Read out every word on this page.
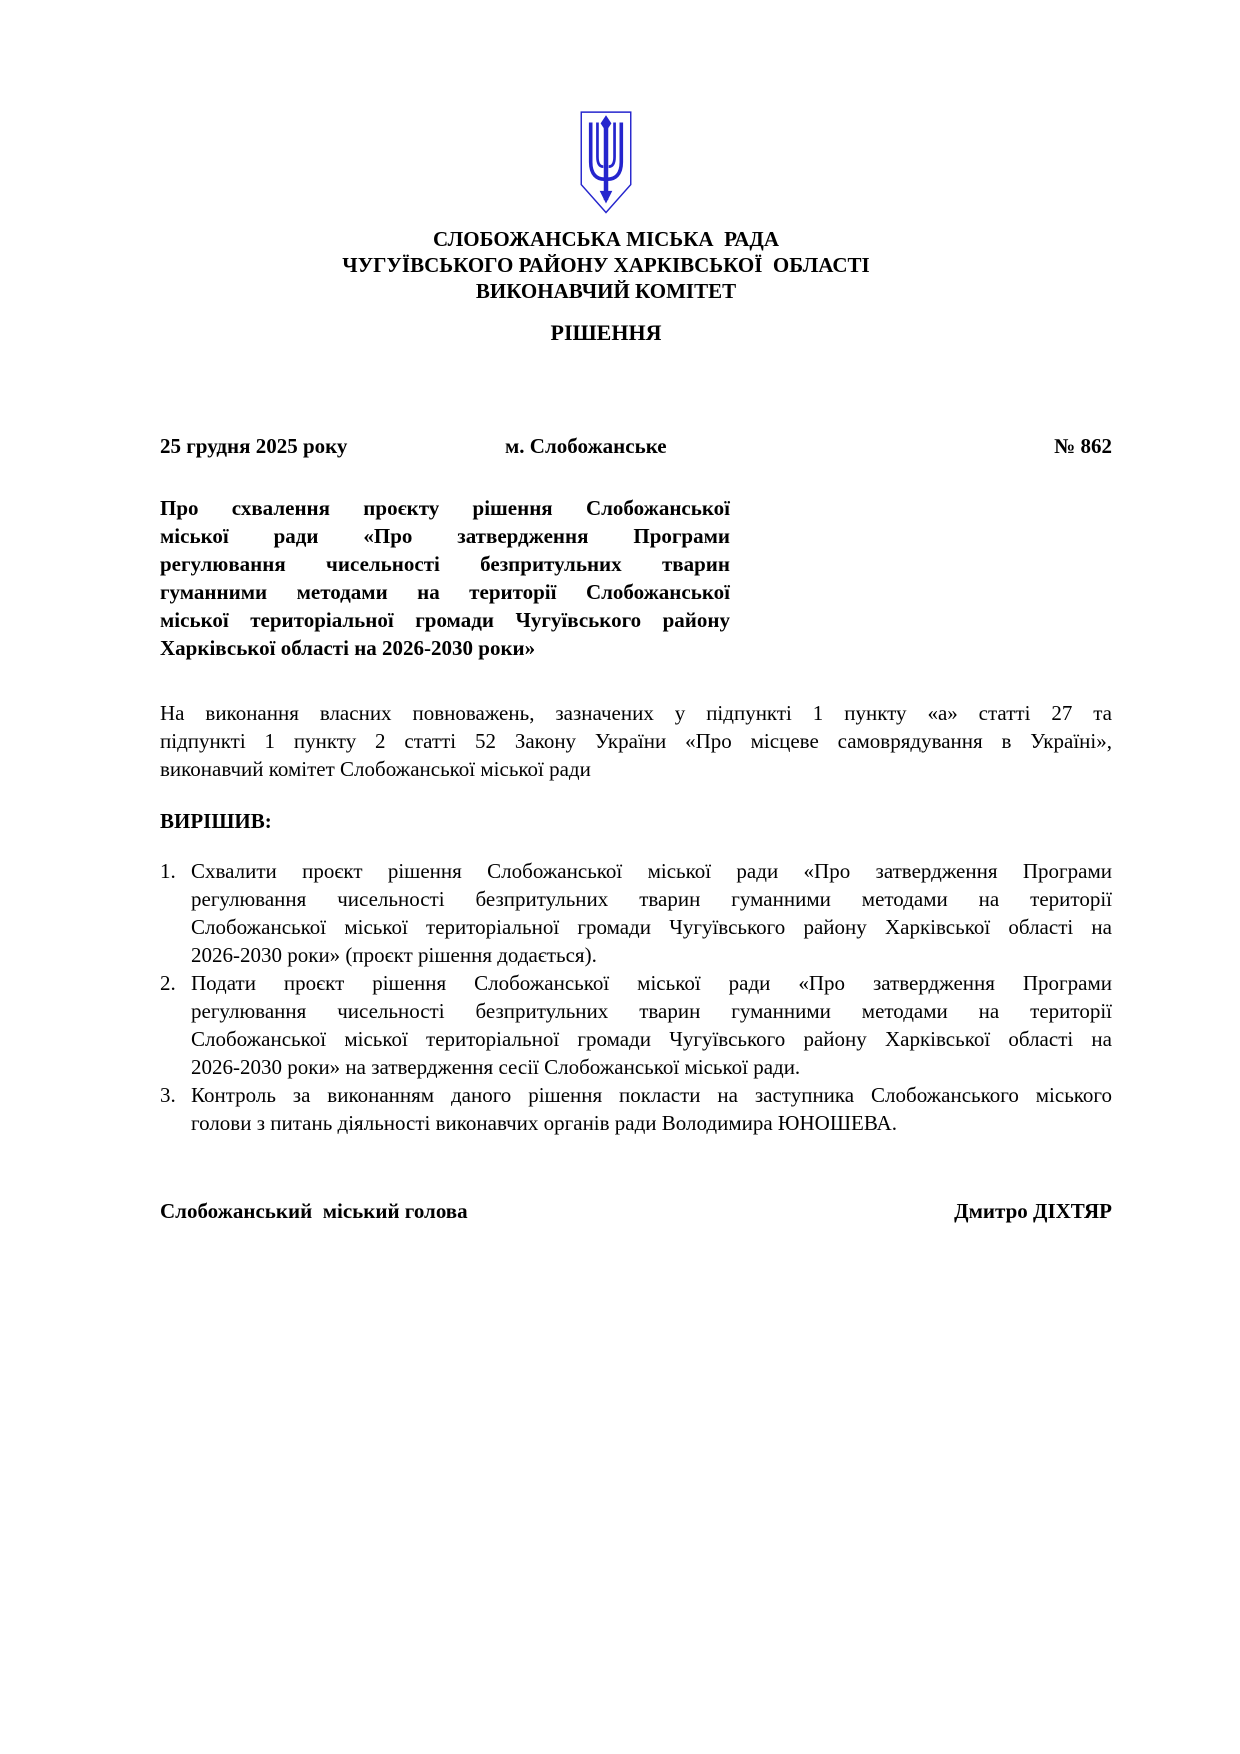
СЛОБОЖАНСЬКА МІСЬКА  РАДА
ЧУГУЇВСЬКОГО РАЙОНУ ХАРКІВСЬКОЇ  ОБЛАСТІ
ВИКОНАВЧИЙ КОМІТЕТ
РІШЕННЯ
25 грудня 2025 року	м. Слобожанське	№ 862
Про схвалення проєкту рішення Слобожанської
міської ради «Про затвердження Програми
регулювання чисельності безпритульних тварин
гуманними методами на території Слобожанської
міської територіальної громади Чугуївського району
Харківської області на 2026-2030 роки»
На виконання власних повноважень, зазначених у підпункті 1 пункту «а» статті 27 та
підпункті 1 пункту 2 статті 52 Закону України «Про місцеве самоврядування в Україні»,
виконавчий комітет Слобожанської міської ради
ВИРІШИВ:
1. Схвалити проєкт рішення Слобожанської міської ради «Про затвердження Програми
регулювання чисельності безпритульних тварин гуманними методами на території
Слобожанської міської територіальної громади Чугуївського району Харківської області на
2026-2030 роки» (проєкт рішення додається).
2. Подати проєкт рішення Слобожанської міської ради «Про затвердження Програми
регулювання чисельності безпритульних тварин гуманними методами на території
Слобожанської міської територіальної громади Чугуївського району Харківської області на
2026-2030 роки» на затвердження сесії Слобожанської міської ради.
3. Контроль за виконанням даного рішення покласти на заступника Слобожанського міського
голови з питань діяльності виконавчих органів ради Володимира ЮНОШЕВА.
Слобожанський  міський голова	Дмитро ДІХТЯР
